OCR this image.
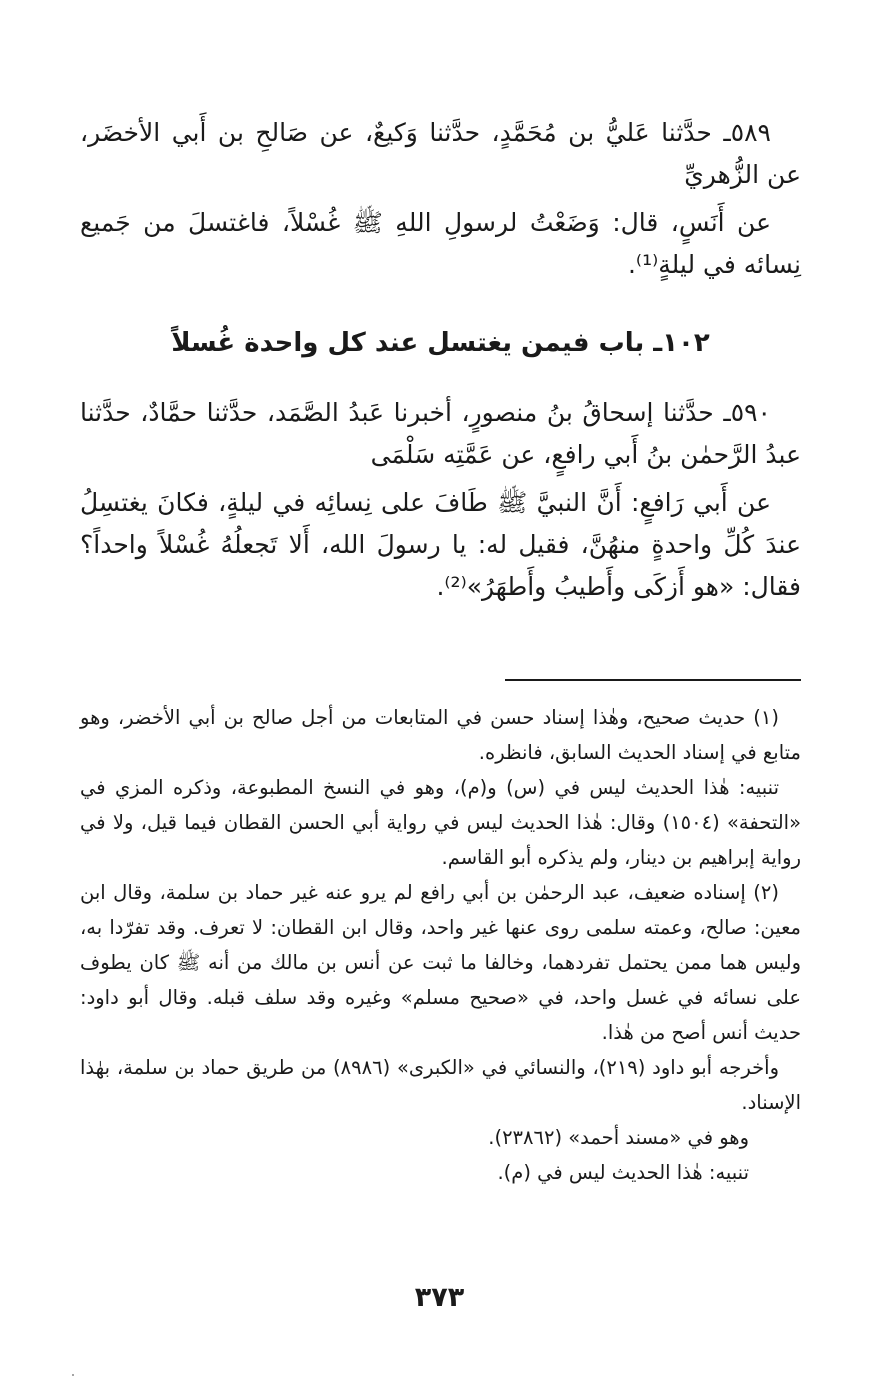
٥٨٩ـ حدَّثنا عَليُّ بن مُحَمَّدٍ، حدَّثنا وَكيعٌ، عن صَالحِ بن أَبي الأخضَر، عن الزُّهريِّ

عن أَنَسٍ، قال: وَضَعْتُ لرسولِ اللهِ ﷺ غُسْلاً، فاغتسلَ من جَميع نِسائه في ليلةٍ⁽¹⁾.

١٠٢ـ باب فيمن يغتسل عند كل واحدة غُسلاً

٥٩٠ـ حدَّثنا إسحاقُ بنُ منصورٍ، أخبرنا عَبدُ الصَّمَد، حدَّثنا حمَّادٌ، حدَّثنا عبدُ الرَّحمٰن بنُ أَبي رافعٍ، عن عَمَّتِه سَلْمَى

عن أَبي رَافعٍ: أَنَّ النبيَّ ﷺ طَافَ على نِسائِه في ليلةٍ، فكانَ يغتسِلُ عندَ كُلِّ واحدةٍ منهُنَّ، فقيل له: يا رسولَ الله، أَلا تَجعلُهُ غُسْلاً واحداً؟ فقال: «هو أَزكَى وأَطيبُ وأَطهَرُ»⁽²⁾.

(١) حديث صحيح، وهٰذا إسناد حسن في المتابعات من أجل صالح بن أبي الأخضر، وهو متابع في إسناد الحديث السابق، فانظره.

تنبيه: هٰذا الحديث ليس في (س) و(م)، وهو في النسخ المطبوعة، وذكره المزي في «التحفة» (١٥٠٤) وقال: هٰذا الحديث ليس في رواية أبي الحسن القطان فيما قيل، ولا في رواية إبراهيم بن دينار، ولم يذكره أبو القاسم.

(٢) إسناده ضعيف، عبد الرحمٰن بن أبي رافع لم يرو عنه غير حماد بن سلمة، وقال ابن معين: صالح، وعمته سلمى روى عنها غير واحد، وقال ابن القطان: لا تعرف. وقد تفرّدا به، وليس هما ممن يحتمل تفردهما، وخالفا ما ثبت عن أنس بن مالك من أنه ﷺ كان يطوف على نسائه في غسل واحد، في «صحيح مسلم» وغيره وقد سلف قبله. وقال أبو داود: حديث أنس أصح من هٰذا.

وأخرجه أبو داود (٢١٩)، والنسائي في «الكبرى» (٨٩٨٦) من طريق حماد بن سلمة، بهٰذا الإسناد.

وهو في «مسند أحمد» (٢٣٨٦٢).

تنبيه: هٰذا الحديث ليس في (م).

٣٧٣
